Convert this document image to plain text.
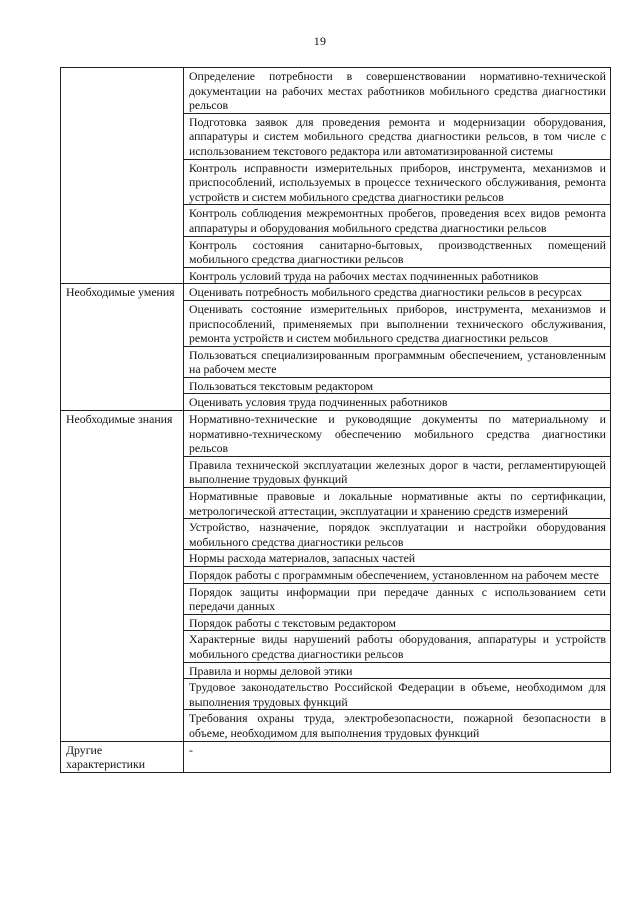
19
	Определение потребности в совершенствовании нормативно-технической документации на рабочих местах работников мобильного средства диагностики рельсов
	Подготовка заявок для проведения ремонта и модернизации оборудования, аппаратуры и систем мобильного средства диагностики рельсов, в том числе с использованием текстового редактора или автоматизированной системы
	Контроль исправности измерительных приборов, инструмента, механизмов и приспособлений, используемых в процессе технического обслуживания, ремонта устройств и систем мобильного средства диагностики рельсов
	Контроль соблюдения межремонтных пробегов, проведения всех видов ремонта аппаратуры и оборудования мобильного средства диагностики рельсов
	Контроль состояния санитарно-бытовых, производственных помещений мобильного средства диагностики рельсов
	Контроль условий труда на рабочих местах подчиненных работников
Необходимые умения	Оценивать потребность мобильного средства диагностики рельсов в ресурсах
	Оценивать состояние измерительных приборов, инструмента, механизмов и приспособлений, применяемых при выполнении технического обслуживания, ремонта устройств и систем мобильного средства диагностики рельсов
	Пользоваться специализированным программным обеспечением, установленным на рабочем месте
	Пользоваться текстовым редактором
	Оценивать условия труда подчиненных работников
Необходимые знания	Нормативно-технические и руководящие документы по материальному и нормативно-техническому обеспечению мобильного средства диагностики рельсов
	Правила технической эксплуатации железных дорог в части, регламентирующей выполнение трудовых функций
	Нормативные правовые и локальные нормативные акты по сертификации, метрологической аттестации, эксплуатации и хранению средств измерений
	Устройство, назначение, порядок эксплуатации и настройки оборудования мобильного средства диагностики рельсов
	Нормы расхода материалов, запасных частей
	Порядок работы с программным обеспечением, установленном на рабочем месте
	Порядок защиты информации при передаче данных с использованием сети передачи данных
	Порядок работы с текстовым редактором
	Характерные виды нарушений работы оборудования, аппаратуры и устройств мобильного средства диагностики рельсов
	Правила и нормы деловой этики
	Трудовое законодательство Российской Федерации в объеме, необходимом для выполнения трудовых функций
	Требования охраны труда, электробезопасности, пожарной безопасности в объеме, необходимом для выполнения трудовых функций
Другие характеристики	-
